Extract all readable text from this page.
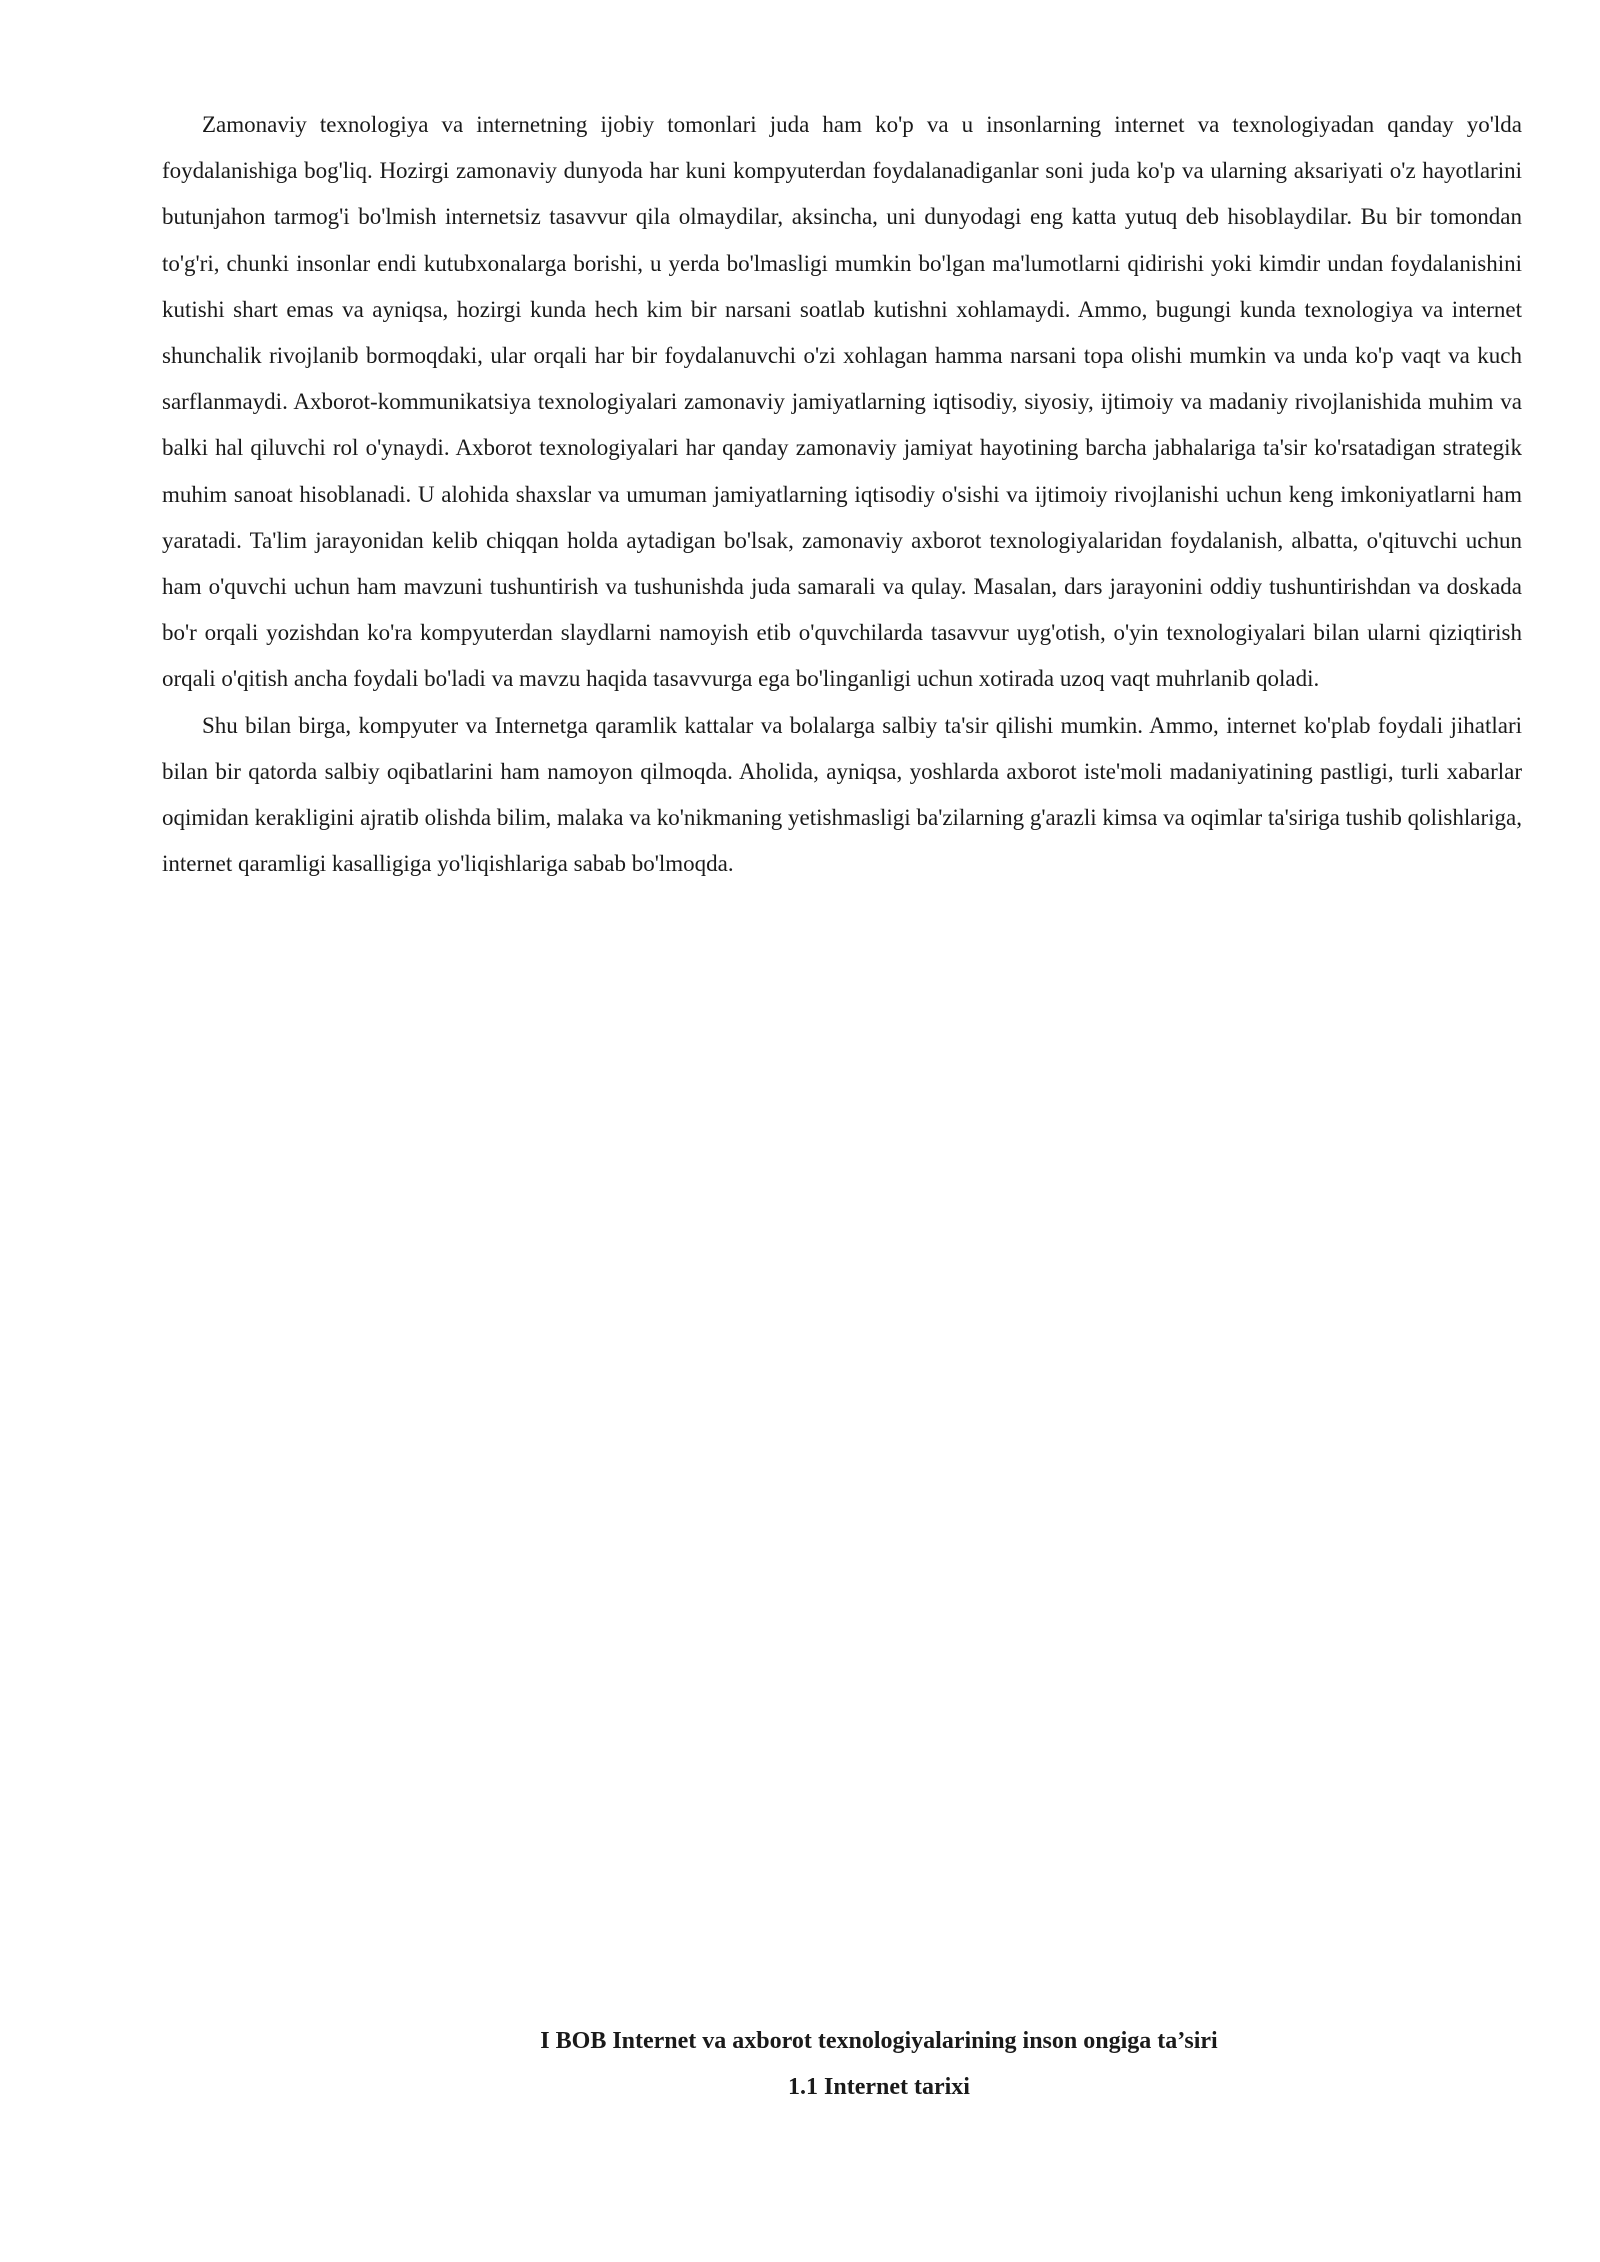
Zamonaviy texnologiya va internetning ijobiy tomonlari juda ham ko'p va u insonlarning internet va texnologiyadan qanday yo'lda foydalanishiga bog'liq. Hozirgi zamonaviy dunyoda har kuni kompyuterdan foydalanadiganlar soni juda ko'p va ularning aksariyati o'z hayotlarini butunjahon tarmog'i bo'lmish internetsiz tasavvur qila olmaydilar, aksincha, uni dunyodagi eng katta yutuq deb hisoblaydilar. Bu bir tomondan to'g'ri, chunki insonlar endi kutubxonalarga borishi, u yerda bo'lmasligi mumkin bo'lgan ma'lumotlarni qidirishi yoki kimdir undan foydalanishini kutishi shart emas va ayniqsa, hozirgi kunda hech kim bir narsani soatlab kutishni xohlamaydi. Ammo, bugungi kunda texnologiya va internet shunchalik rivojlanib bormoqdaki, ular orqali har bir foydalanuvchi o'zi xohlagan hamma narsani topa olishi mumkin va unda ko'p vaqt va kuch sarflanmaydi. Axborot-kommunikatsiya texnologiyalari zamonaviy jamiyatlarning iqtisodiy, siyosiy, ijtimoiy va madaniy rivojlanishida muhim va balki hal qiluvchi rol o'ynaydi. Axborot texnologiyalari har qanday zamonaviy jamiyat hayotining barcha jabhalariga ta'sir ko'rsatadigan strategik muhim sanoat hisoblanadi. U alohida shaxslar va umuman jamiyatlarning iqtisodiy o'sishi va ijtimoiy rivojlanishi uchun keng imkoniyatlarni ham yaratadi. Ta'lim jarayonidan kelib chiqqan holda aytadigan bo'lsak, zamonaviy axborot texnologiyalaridan foydalanish, albatta, o'qituvchi uchun ham o'quvchi uchun ham mavzuni tushuntirish va tushunishda juda samarali va qulay. Masalan, dars jarayonini oddiy tushuntirishdan va doskada bo'r orqali yozishdan ko'ra kompyuterdan slaydlarni namoyish etib o'quvchilarda tasavvur uyg'otish, o'yin texnologiyalari bilan ularni qiziqtirish orqali o'qitish ancha foydali bo'ladi va mavzu haqida tasavvurga ega bo'linganligi uchun xotirada uzoq vaqt muhrlanib qoladi.

Shu bilan birga, kompyuter va Internetga qaramlik kattalar va bolalarga salbiy ta'sir qilishi mumkin. Ammo, internet ko'plab foydali jihatlari bilan bir qatorda salbiy oqibatlarini ham namoyon qilmoqda. Aholida, ayniqsa, yoshlarda axborot iste'moli madaniyatining pastligi, turli xabarlar oqimidan kerakligini ajratib olishda bilim, malaka va ko'nikmaning yetishmasligi ba'zilarning g'arazli kimsa va oqimlar ta'siriga tushib qolishlariga, internet qaramligi kasalligiga yo'liqishlariga sabab bo'lmoqda.

I BOB Internet va axborot texnologiyalarining inson ongiga ta’siri

1.1 Internet tarixi
